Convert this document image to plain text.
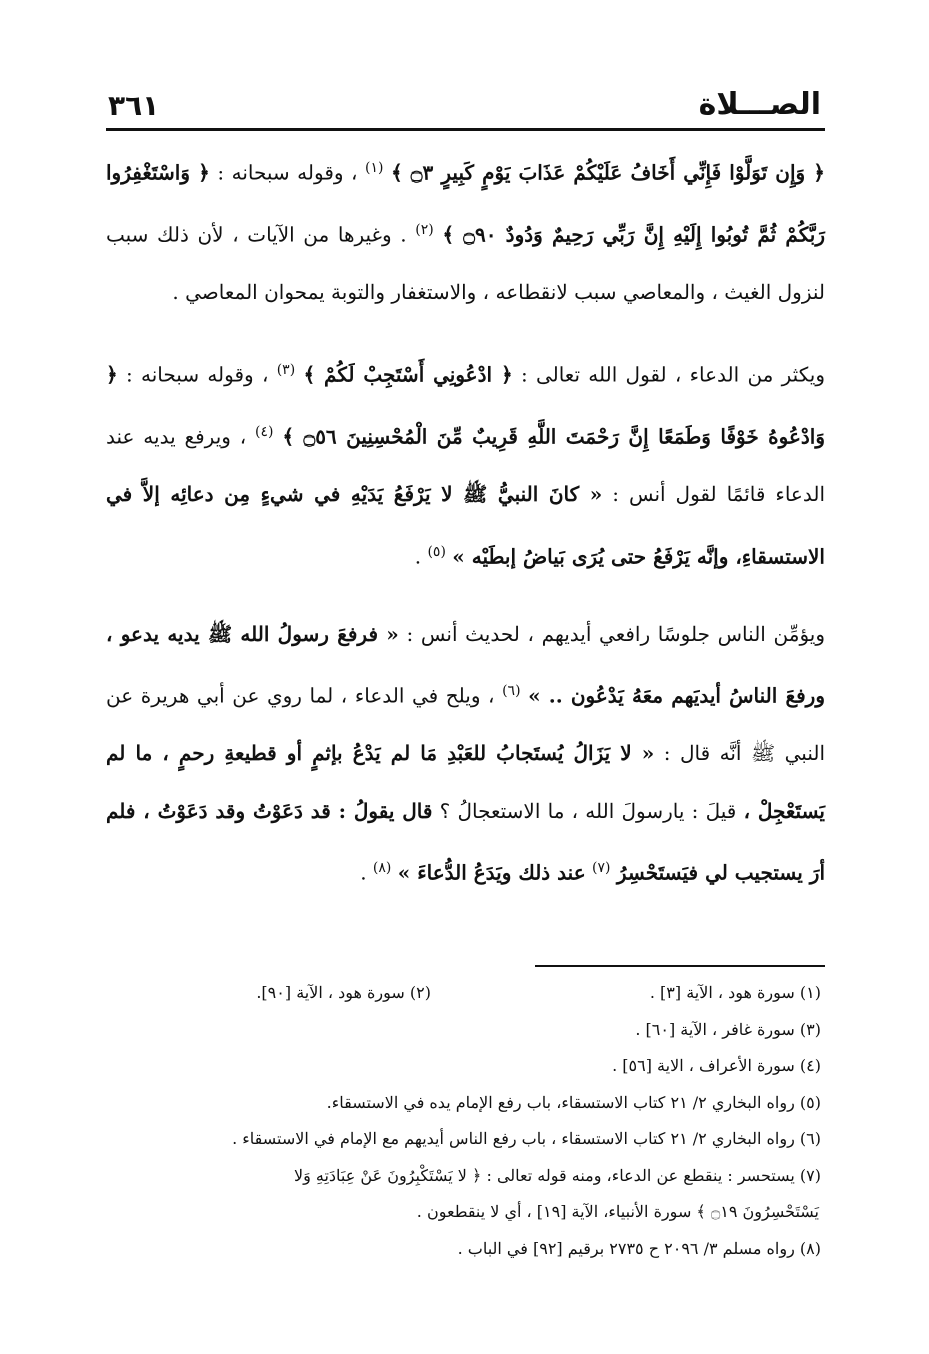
الصـــلاة
٣٦١

﴿ وَإِن تَوَلَّوْا فَإِنِّي أَخَافُ عَلَيْكُمْ عَذَابَ يَوْمٍ كَبِيرٍ ۝٣ ﴾ $^{(١)}$ ، وقوله سبحانه : ﴿ وَاسْتَغْفِرُوا رَبَّكُمْ ثُمَّ تُوبُوا إِلَيْهِ إِنَّ رَبِّي رَحِيمٌ وَدُودٌ ۝٩٠ ﴾ $^{(٢)}$ . وغيرها من الآيات ، لأن ذلك سبب لنزول الغيث ، والمعاصي سبب لانقطاعه ، والاستغفار والتوبة يمحوان المعاصي .

ويكثر من الدعاء ، لقول الله تعالى : ﴿ ادْعُونِي أَسْتَجِبْ لَكُمْ ﴾ $^{(٣)}$ ، وقوله سبحانه : ﴿ وَادْعُوهُ خَوْفًا وَطَمَعًا إِنَّ رَحْمَتَ اللَّهِ قَرِيبٌ مِّنَ الْمُحْسِنِينَ ۝٥٦ ﴾ $^{(٤)}$ ، ويرفع يديه عند الدعاء قائمًا لقول أنس : « كانَ النبيُّ ﷺ لا يَرْفَعُ يَدَيْهِ في شيءٍ مِن دعائِه إلاَّ في الاستسقاءِ، وإنَّه يَرْفَعُ حتى يُرَى بَياضُ إبطَيْه » $^{(٥)}$ .

ويؤمِّن الناس جلوسًا رافعي أيديهم ، لحديث أنس : « فرفعَ رسولُ الله ﷺ يديه يدعو ، ورفعَ الناسُ أيديَهم معَهُ يَدْعُون .. » $^{(٦)}$ ، ويلح في الدعاء ، لما روي عن أبي هريرة عن النبي ﷺ أنَّه قال : « لا يَزَالُ يُستَجابُ للعَبْدِ مَا لم يَدْعُ بإثمٍ أو قطيعةِ رحمٍ ، ما لم يَستَعْجِلْ ، قيلَ : يارسولَ الله ، ما الاستعجالُ ؟ قال يقولُ : قد دَعَوْتُ وقد دَعَوْتُ ، فلم أرَ يستجيب لي فيَستَحْسِرُ $^{(٧)}$ عند ذلك ويَدَعُ الدُّعاءَ » $^{(٨)}$ .

(١) سورة هود ، الآية [٣] .

(٢) سورة هود ، الآية [٩٠].

(٣) سورة غافر ، الآية [٦٠] .

(٤) سورة الأعراف ، الاية [٥٦] .

(٥) رواه البخاري ٢/ ٢١ كتاب الاستسقاء، باب رفع الإمام يده في الاستسقاء.

(٦) رواه البخاري ٢/ ٢١ كتاب الاستسقاء ، باب رفع الناس أيديهم مع الإمام في الاستسقاء .

(٧) يستحسر : ينقطع عن الدعاء، ومنه قوله تعالى : ﴿ لا يَسْتَكْبِرُونَ عَنْ عِبَادَتِهِ وَلا

يَسْتَحْسِرُونَ ۝١٩ ﴾ سورة الأنبياء، الآية [١٩] ، أي لا ينقطعون .

(٨) رواه مسلم ٣/ ٢٠٩٦ ح ٢٧٣٥ برقيم [٩٢] في الباب .
